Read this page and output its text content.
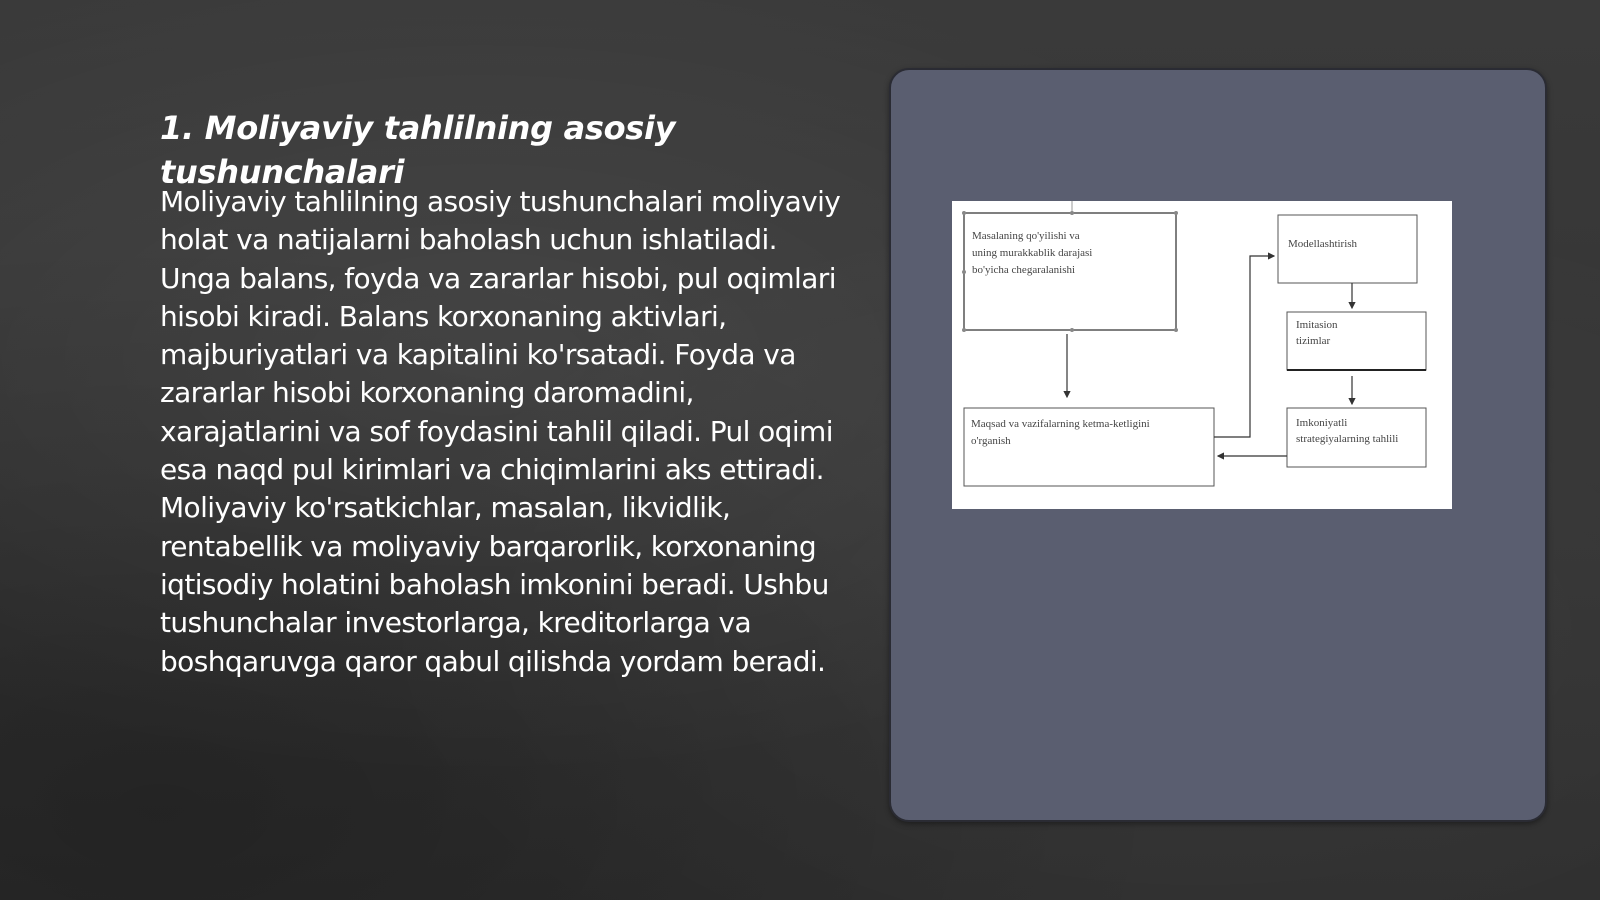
1. Moliyaviy tahlilning asosiy tushunchalari

Moliyaviy tahlilning asosiy tushunchalari moliyaviy holat va natijalarni baholash uchun ishlatiladi. Unga balans, foyda va zararlar hisobi, pul oqimlari hisobi kiradi. Balans korxonaning aktivlari, majburiyatlari va kapitalini ko'rsatadi. Foyda va zararlar hisobi korxonaning daromadini, xarajatlarini va sof foydasini tahlil qiladi. Pul oqimi esa naqd pul kirimlari va chiqimlarini aks ettiradi. Moliyaviy ko'rsatkichlar, masalan, likvidlik, rentabellik va moliyaviy barqarorlik, korxonaning iqtisodiy holatini baholash imkonini beradi. Ushbu tushunchalar investorlarga, kreditorlarga va boshqaruvga qaror qabul qilishda yordam beradi.

Masalaning qo'yilishi va uning murakkablik darajasi bo'yicha chegaralanishi
Maqsad va vazifalarning ketma-ketligini o'rganish
Modellashtirish
Imitasion tizimlar
Imkoniyatli strategiyalarning tahlili
